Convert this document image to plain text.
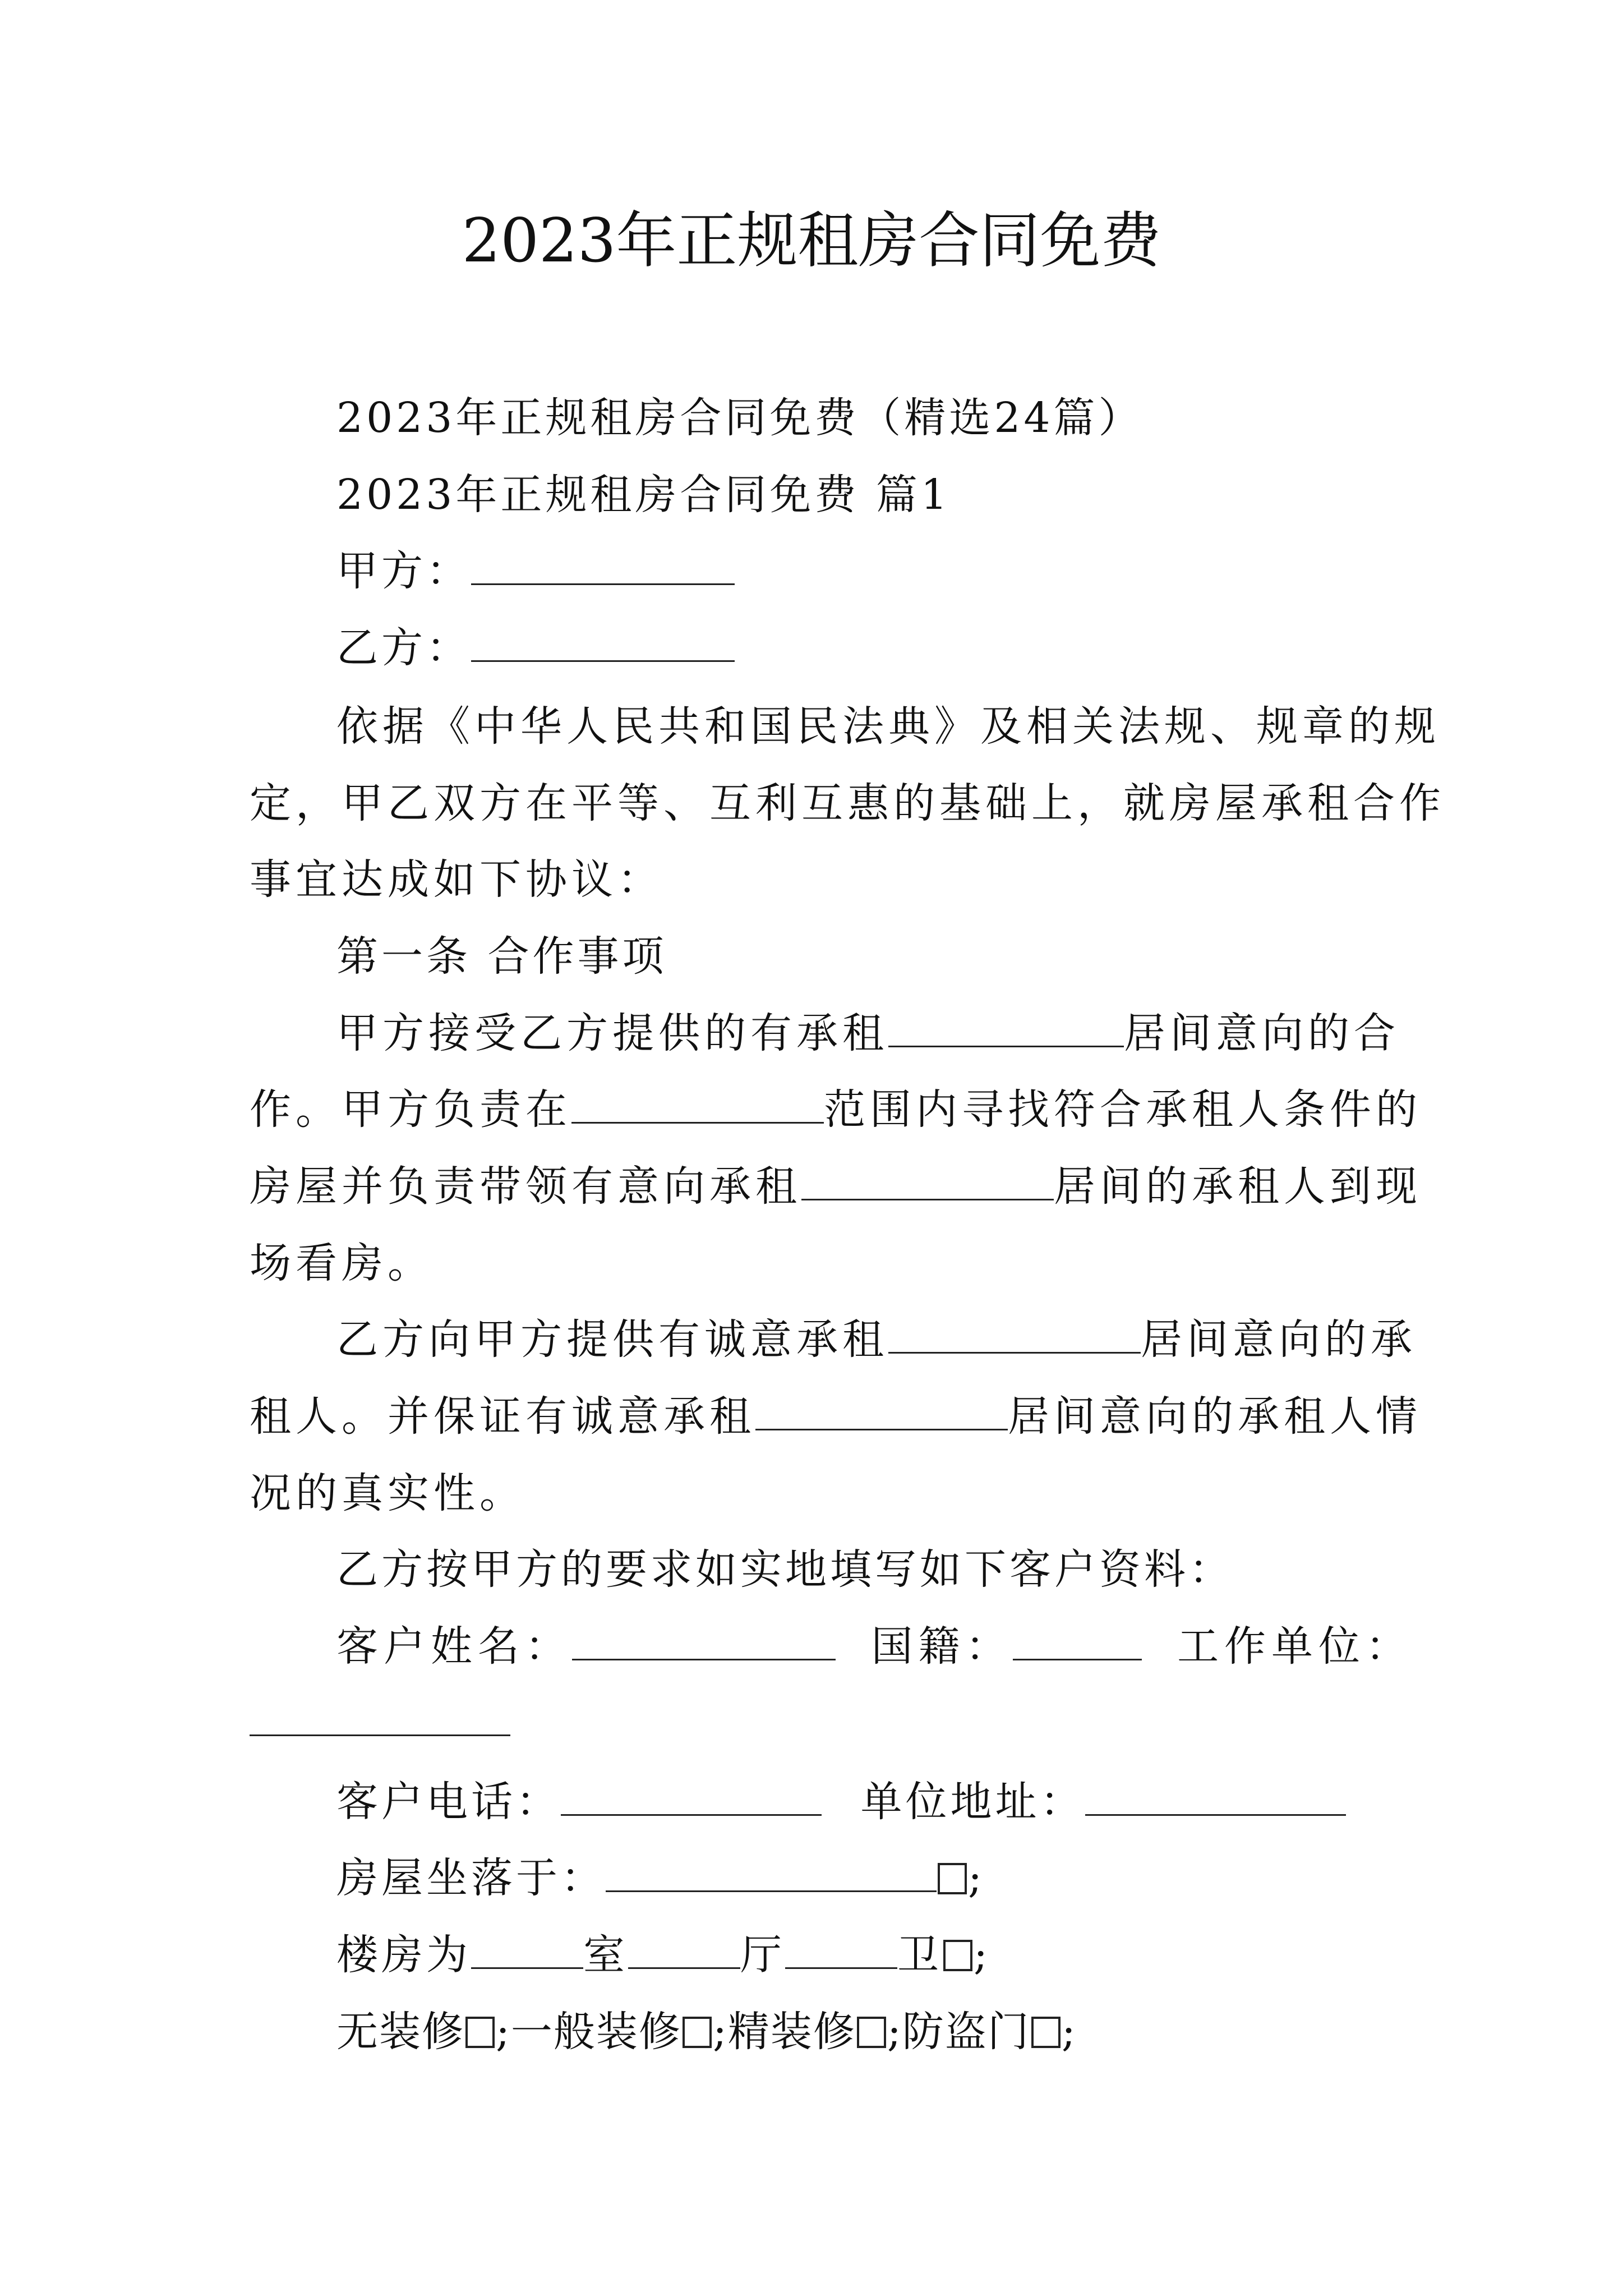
2023年正规租房合同免费
2023年正规租房合同免费（精选24篇）
2023年正规租房合同免费 篇1
甲方：
乙方：
依据《中华人民共和国民法典》及相关法规、规章的规
定，甲乙双方在平等、互利互惠的基础上，就房屋承租合作
事宜达成如下协议：
第一条 合作事项
甲方接受乙方提供的有承租	居间意向的合
作。甲方负责在	范围内寻找符合承租人条件的
房屋并负责带领有意向承租	居间的承租人到现
场看房。
乙方向甲方提供有诚意承租	居间意向的承
租人。并保证有诚意承租	居间意向的承租人情
况的真实性。
乙方按甲方的要求如实地填写如下客户资料：
客户姓名：	国籍：	工作单位：
客户电话：	单位地址：
房屋坐落于：	;
楼房为	室	厅	卫 ;
无装修 ;一般装修 ;精装修 ;防盗门 ;
